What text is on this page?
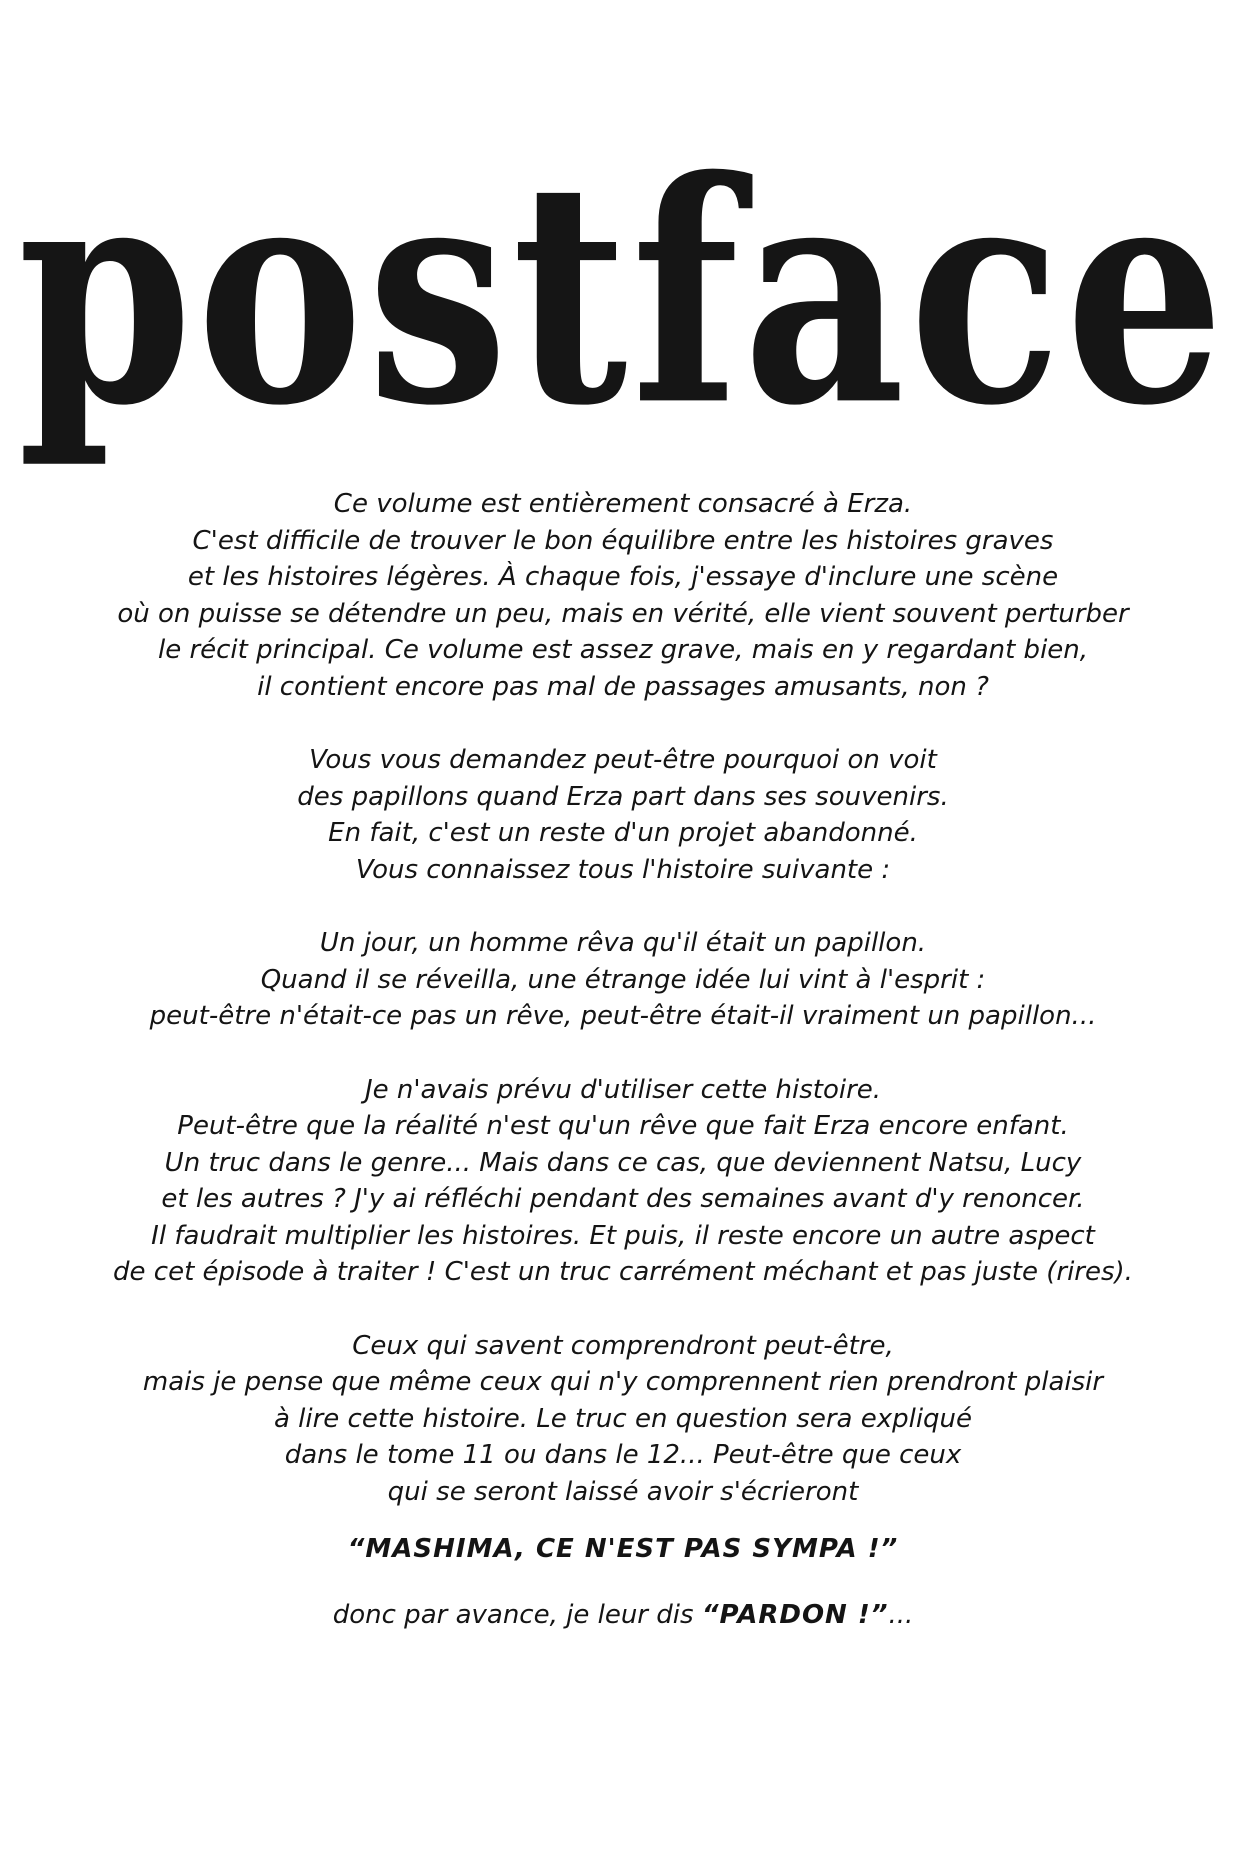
postface
Ce volume est entièrement consacré à Erza.
C'est difficile de trouver le bon équilibre entre les histoires graves
et les histoires légères. À chaque fois, j'essaye d'inclure une scène
où on puisse se détendre un peu, mais en vérité, elle vient souvent perturber
le récit principal. Ce volume est assez grave, mais en y regardant bien,
il contient encore pas mal de passages amusants, non ?
Vous vous demandez peut-être pourquoi on voit
des papillons quand Erza part dans ses souvenirs.
En fait, c'est un reste d'un projet abandonné.
Vous connaissez tous l'histoire suivante :
Un jour, un homme rêva qu'il était un papillon.
Quand il se réveilla, une étrange idée lui vint à l'esprit :
peut-être n'était-ce pas un rêve, peut-être était-il vraiment un papillon...
Je n'avais prévu d'utiliser cette histoire.
Peut-être que la réalité n'est qu'un rêve que fait Erza encore enfant.
Un truc dans le genre... Mais dans ce cas, que deviennent Natsu, Lucy
et les autres ? J'y ai réfléchi pendant des semaines avant d'y renoncer.
Il faudrait multiplier les histoires. Et puis, il reste encore un autre aspect
de cet épisode à traiter ! C'est un truc carrément méchant et pas juste (rires).
Ceux qui savent comprendront peut-être,
mais je pense que même ceux qui n'y comprennent rien prendront plaisir
à lire cette histoire. Le truc en question sera expliqué
dans le tome 11 ou dans le 12... Peut-être que ceux
qui se seront laissé avoir s'écrieront
“MASHIMA, CE N'EST PAS SYMPA !”
donc par avance, je leur dis “PARDON !”...
